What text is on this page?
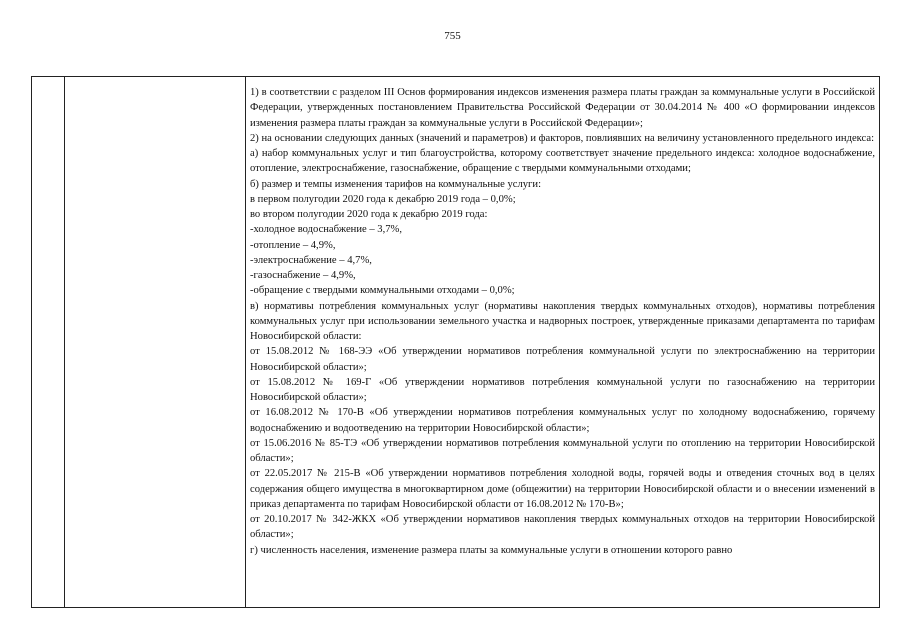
755

1) в соответствии с разделом III Основ формирования индексов изменения размера платы граждан за коммунальные услуги в Российской Федерации, утвержденных постановлением Правительства Российской Федерации от 30.04.2014 № 400 «О формировании индексов изменения размера платы граждан за коммунальные услуги в Российской Федерации»;

2) на основании следующих данных (значений и параметров) и факторов, повлиявших на величину установленного предельного индекса:

а) набор коммунальных услуг и тип благоустройства, которому соответствует значение предельного индекса: холодное водоснабжение, отопление, электроснабжение, газоснабжение, обращение с твердыми коммунальными отходами;

б) размер и темпы изменения тарифов на коммунальные услуги:

в первом полугодии 2020 года к декабрю 2019 года – 0,0%;

во втором полугодии 2020 года к декабрю 2019 года:

-холодное водоснабжение – 3,7%,

-отопление – 4,9%,

-электроснабжение – 4,7%,

-газоснабжение – 4,9%,

-обращение с твердыми коммунальными отходами – 0,0%;

в) нормативы потребления коммунальных услуг (нормативы накопления твердых коммунальных отходов), нормативы потребления коммунальных услуг при использовании земельного участка и надворных построек, утвержденные приказами департамента по тарифам Новосибирской области:

от 15.08.2012 № 168-ЭЭ «Об утверждении нормативов потребления коммунальной услуги по электроснабжению на территории Новосибирской области»;

от 15.08.2012 № 169-Г «Об утверждении нормативов потребления коммунальной услуги по газоснабжению на территории Новосибирской области»;

от 16.08.2012 № 170-В «Об утверждении нормативов потребления коммунальных услуг по холодному водоснабжению, горячему водоснабжению и водоотведению на территории Новосибирской области»;

от 15.06.2016 № 85-ТЭ «Об утверждении нормативов потребления коммунальной услуги по отоплению на территории Новосибирской области»;

от 22.05.2017 № 215-В «Об утверждении нормативов потребления холодной воды, горячей воды и отведения сточных вод в целях содержания общего имущества в многоквартирном доме (общежитии) на территории Новосибирской области и о внесении изменений в приказ департамента по тарифам Новосибирской области от 16.08.2012 № 170-В»;

от 20.10.2017 № 342-ЖКХ «Об утверждении нормативов накопления твердых коммунальных отходов на территории Новосибирской области»;

г) численность населения, изменение размера платы за коммунальные услуги в отношении которого равно
